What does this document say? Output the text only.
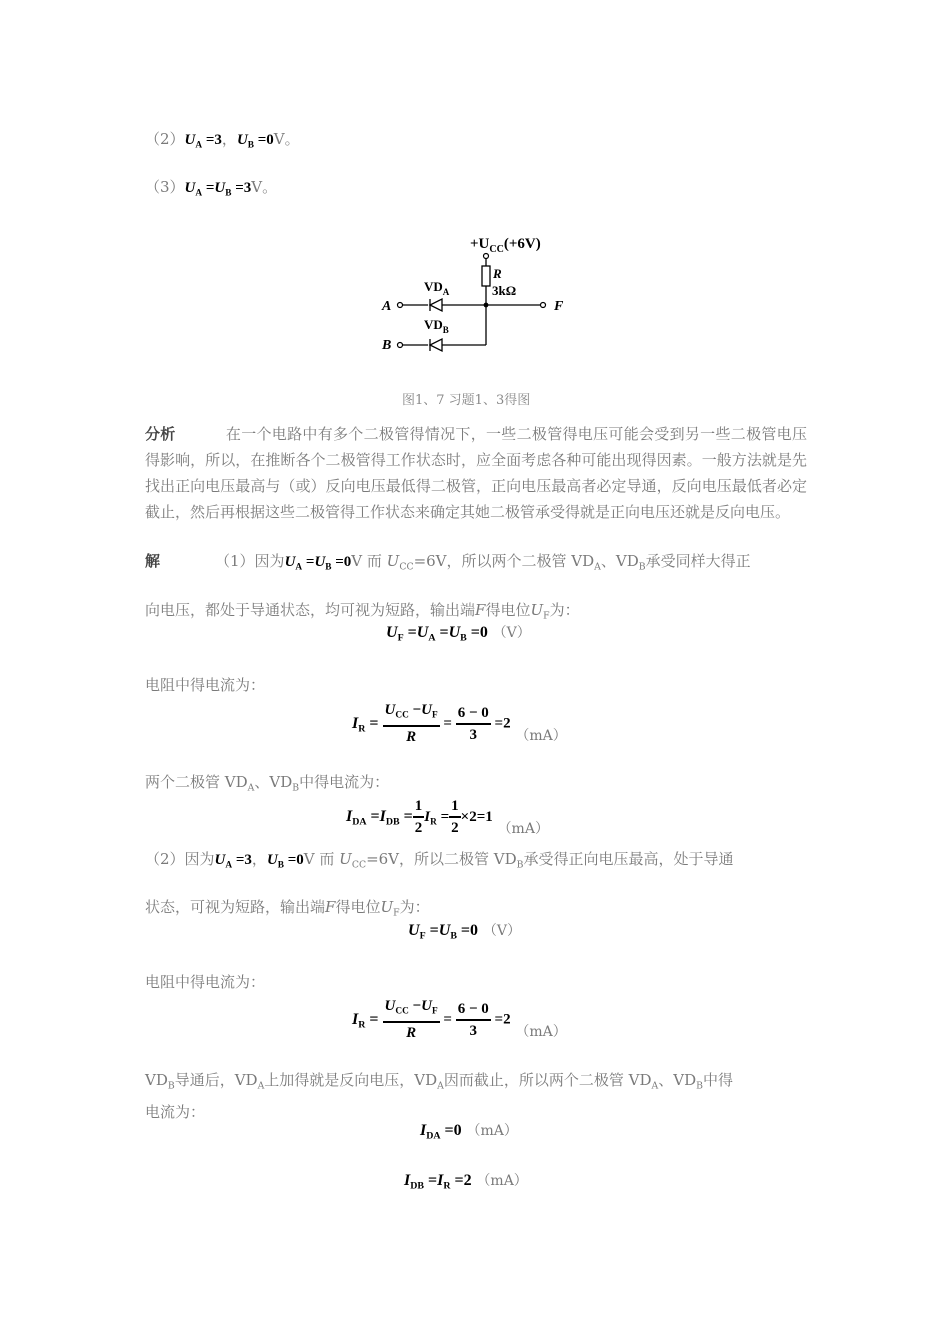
$(2)U_A =3$，$U_B =0V$。
$(3)U_A =U_B =3V$。
$+U_{CC}(+6V)$
R
3kΩ
F
A
$VD_A$
B
$VD_B$
图1、7 习题1、3得图
分析	在一个电路中有多个二极管得情况下，一些二极管得电压可能会受到另一些二极管电压得影响，所以，在推断各个二极管得工作状态时，应全面考虑各种可能出现得因素。一般方法就是先找出正向电压最高与（或）反向电压最低得二极管，正向电压最高者必定导通，反向电压最低者必定截止，然后再根据这些二极管得工作状态来确定其她二极管承受得就是正向电压还就是反向电压。
解	（1）因为$U_A =U_B =0V$ 而 $U_{CC}=6V$，所以两个二极管 $VD_A$、$VD_B$承受同样大得正
向电压，都处于导通状态，均可视为短路，输出端F得电位$U_F$为：
$U_F =U_A =U_B =0$ （V）
电阻中得电流为：
$I_R = \frac{U_{CC} -U_F}{R} = \frac{6 - 0}{3} =2$ （mA）
两个二极管 $VD_A$、$VD_B$中得电流为：
$I_{DA} =I_{DB} = \frac{1}{2} I_R = \frac{1}{2} \times 2=1$ （mA）
（2）因为$U_A =3$，$U_B =0V$ 而 $U_{CC}=6V$，所以二极管 $VD_B$承受得正向电压最高，处于导通
状态，可视为短路，输出端F得电位$U_F$为：
$U_F =U_B =0$ （V）
电阻中得电流为：
$I_R = \frac{U_{CC} -U_F}{R} = \frac{6 - 0}{3} =2$ （mA）
$VD_B$导通后，$VD_A$上加得就是反向电压，$VD_A$因而截止，所以两个二极管 $VD_A$、$VD_B$中得
电流为：
$I_{DA} =0$ （mA）
$I_{DB} =I_R =2$ （mA）
